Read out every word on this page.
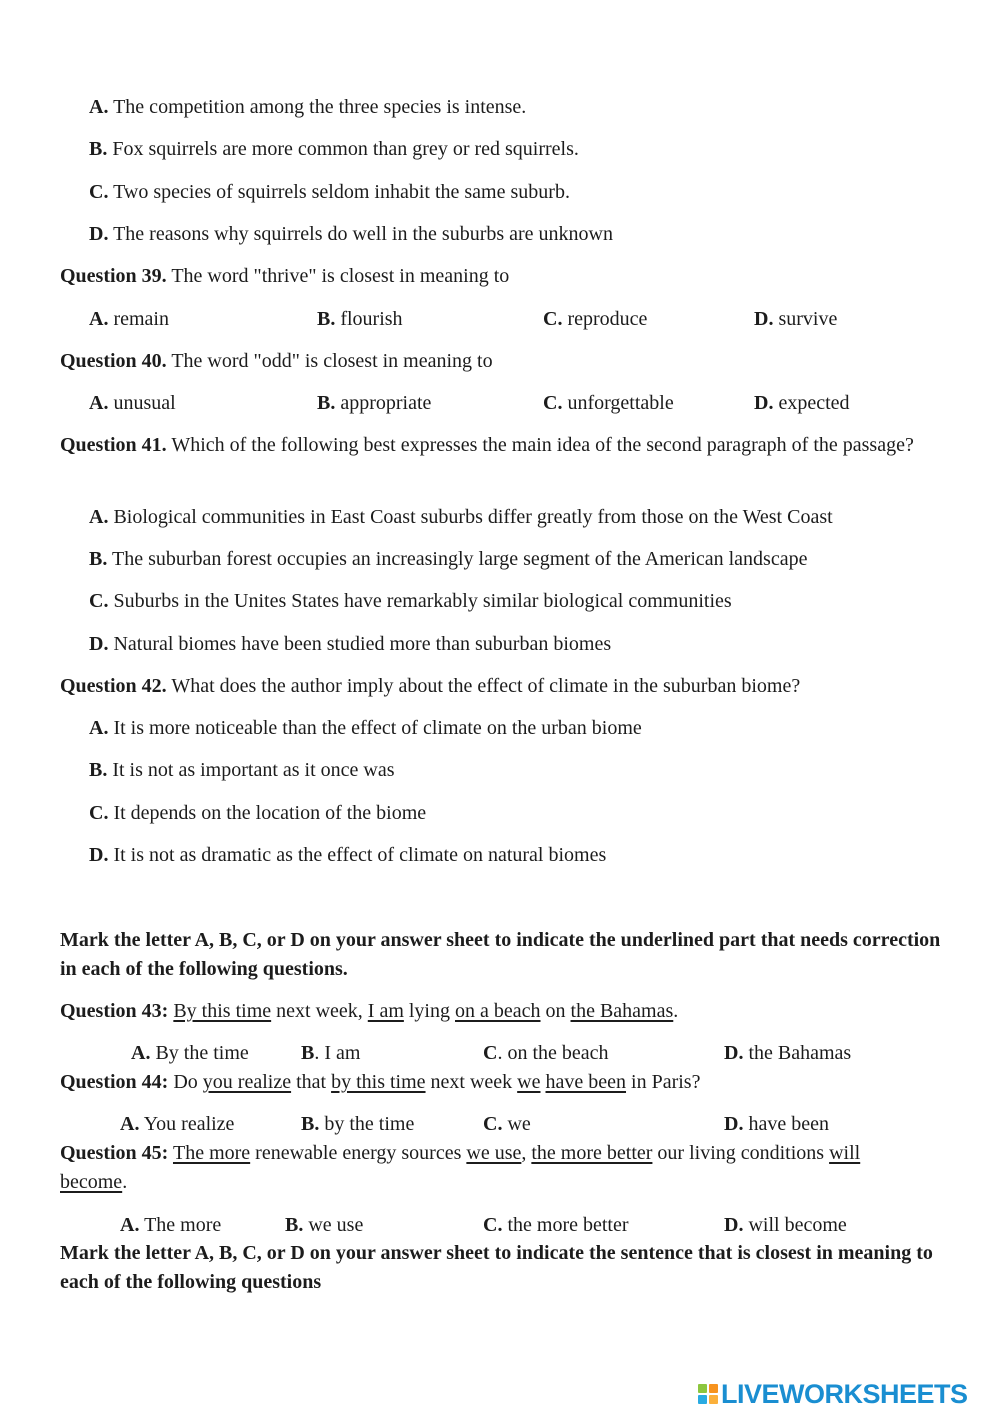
A. The competition among the three species is intense.
B. Fox squirrels are more common than grey or red squirrels.
C. Two species of squirrels seldom inhabit the same suburb.
D. The reasons why squirrels do well in the suburbs are unknown
Question 39. The word "thrive" is closest in meaning to
A. remain	B. flourish	C. reproduce	D. survive
Question 40. The word "odd" is closest in meaning to
A. unusual	B. appropriate	C. unforgettable	D. expected
Question 41. Which of the following best expresses the main idea of the second paragraph of the passage?
A. Biological communities in East Coast suburbs differ greatly from those on the West Coast
B. The suburban forest occupies an increasingly large segment of the American landscape
C. Suburbs in the Unites States have remarkably similar biological communities
D. Natural biomes have been studied more than suburban biomes
Question 42. What does the author imply about the effect of climate in the suburban biome?
A. It is more noticeable than the effect of climate on the urban biome
B. It is not as important as it once was
C. It depends on the location of the biome
D. It is not as dramatic as the effect of climate on natural biomes
Mark the letter A, B, C, or D on your answer sheet to indicate the underlined part that needs correction in each of the following questions.
Question 43: By this time next week, I am lying on a beach on the Bahamas.
A. By the time	B. I am	C. on the beach	D. the Bahamas
Question 44: Do you realize that by this time next week we have been in Paris?
A. You realize	B. by the time	C. we	D. have been
Question 45: The more renewable energy sources we use, the more better our living conditions will
become.
A. The more	B. we use	C. the more better	D. will become
Mark the letter A, B, C, or D on your answer sheet to indicate the sentence that is closest in meaning to each of the following questions
LIVEWORKSHEETS
